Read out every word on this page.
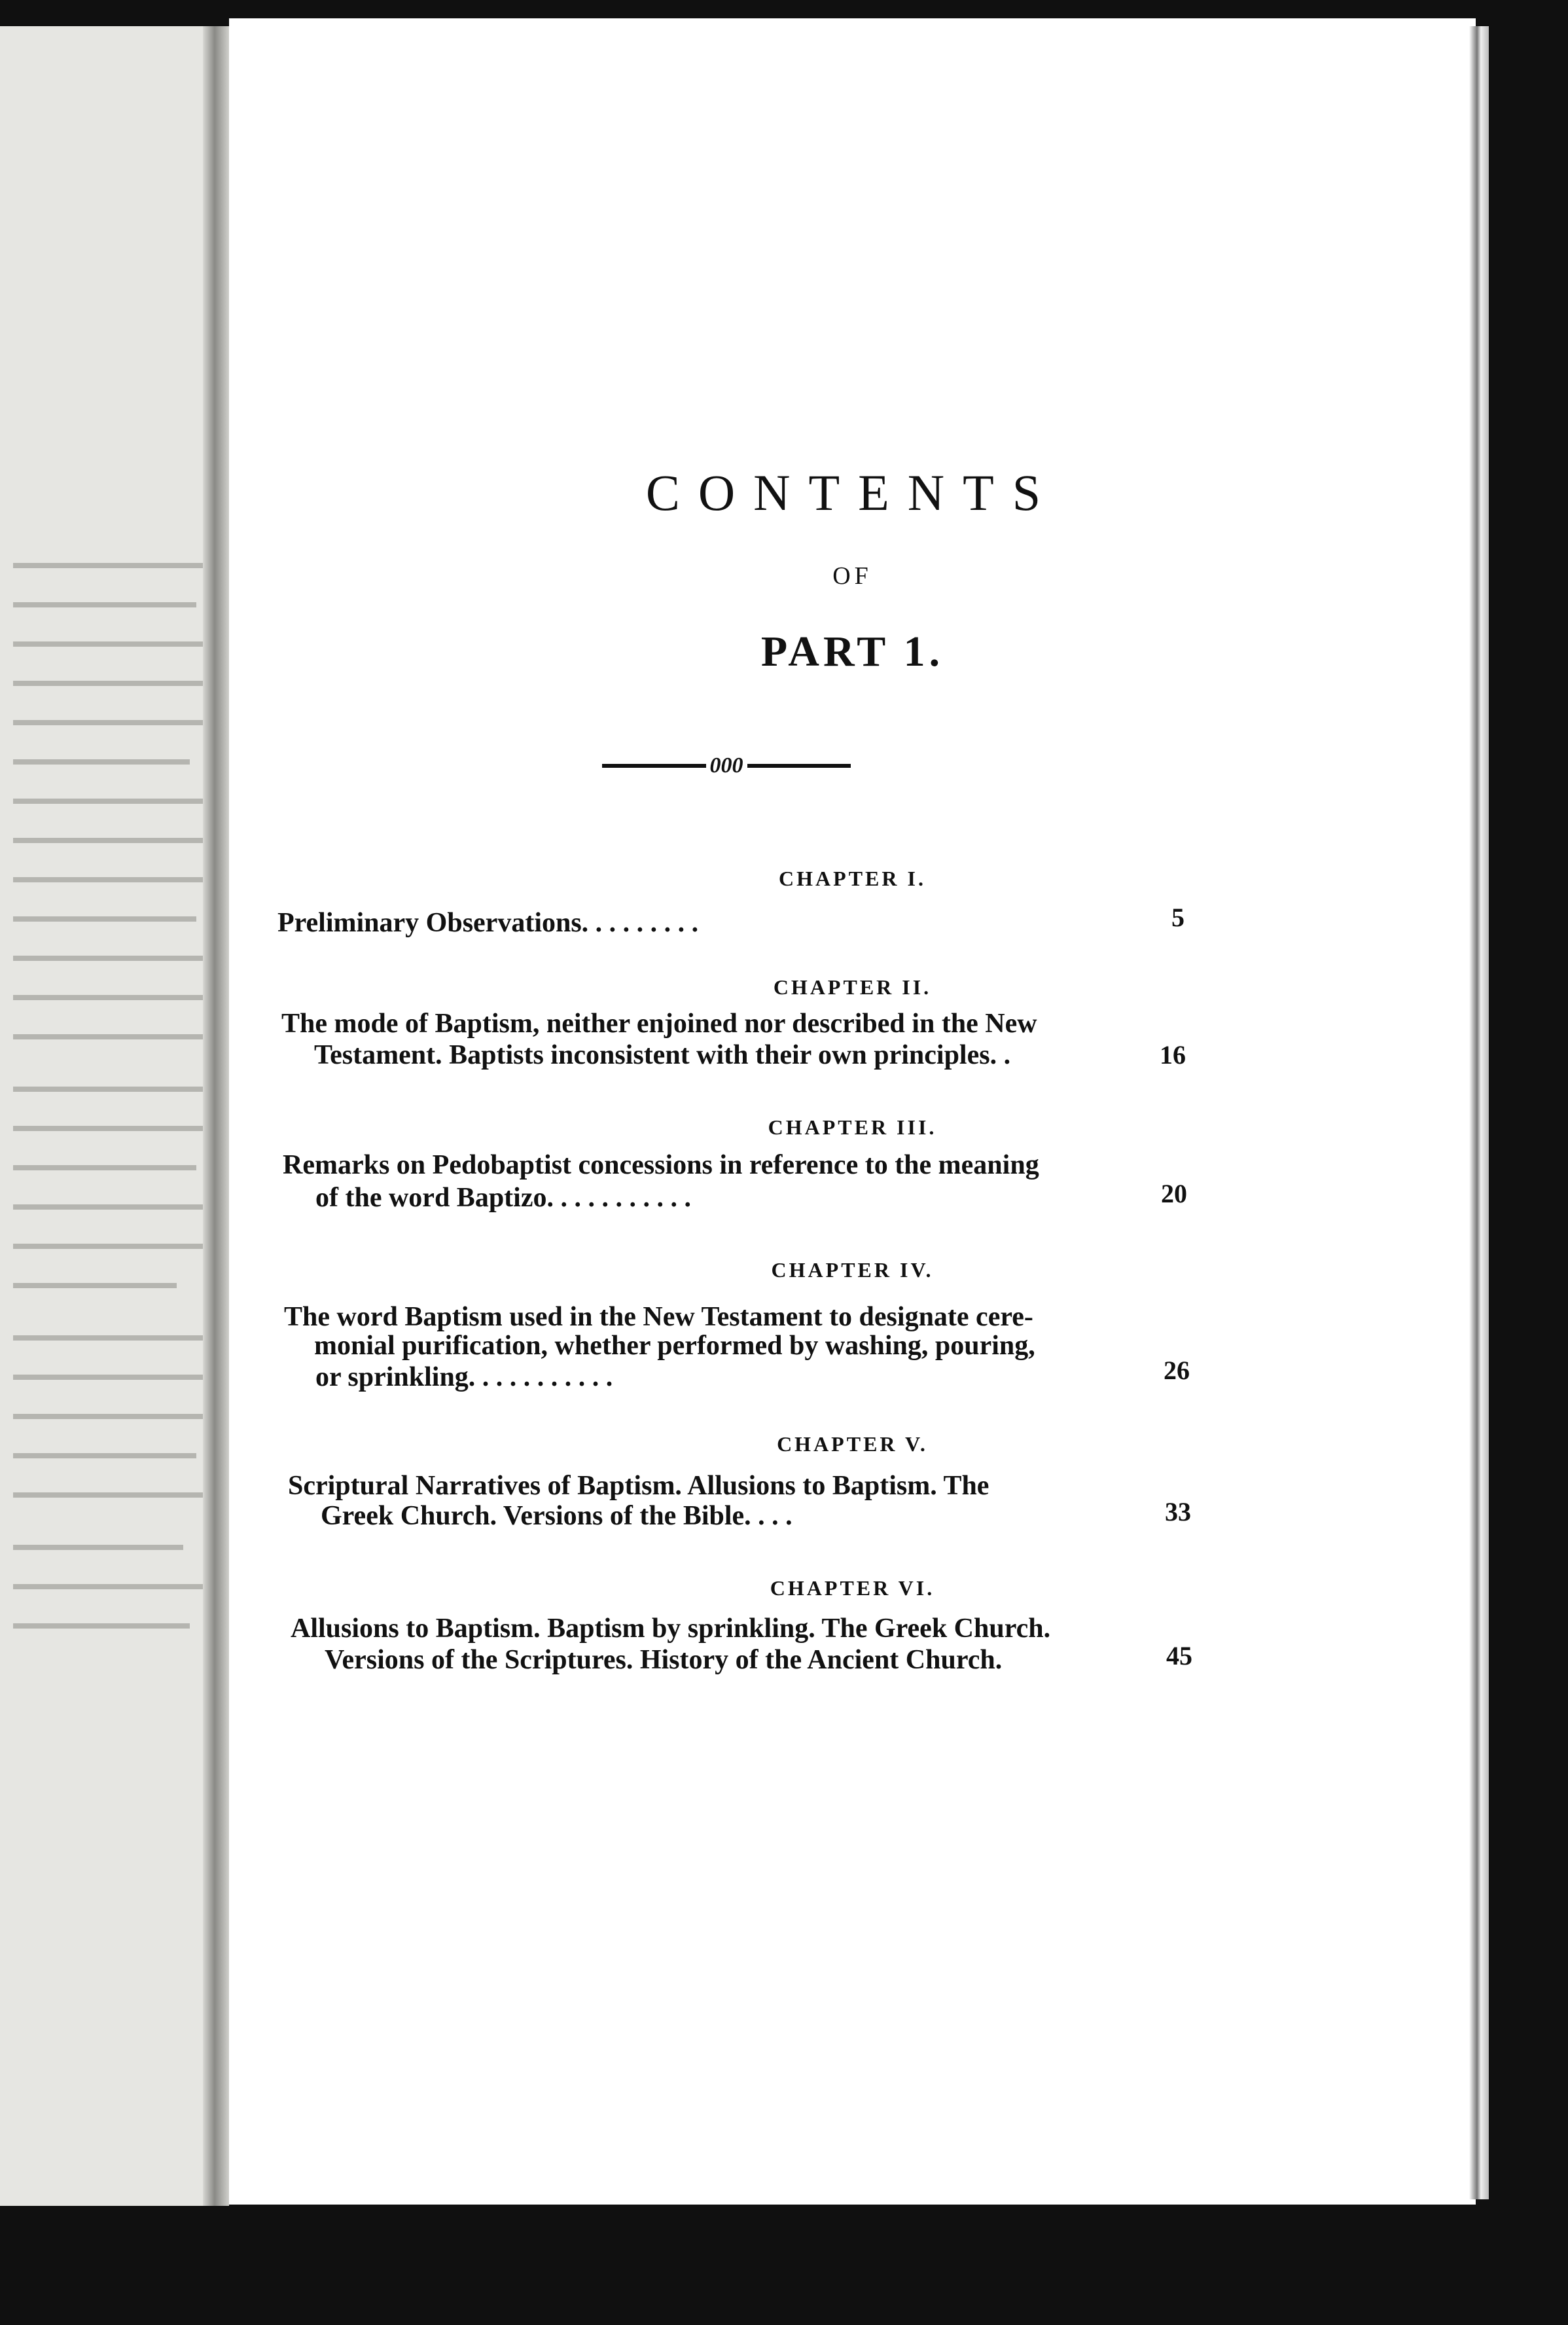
CONTENTS
OF
PART 1.
000
CHAPTER I.
Preliminary Observations. . . . . . . . .	5
CHAPTER II.
The mode of Baptism, neither enjoined nor described in the New
Testament. Baptists inconsistent with their own principles. .	16
CHAPTER III.
Remarks on Pedobaptist concessions in reference to the meaning
of the word Baptizo. . . . . . . . . . .	20
CHAPTER IV.
The word Baptism used in the New Testament to designate cere-
monial purification, whether performed by washing, pouring,
or sprinkling. . . . . . . . . . .	26
CHAPTER V.
Scriptural Narratives of Baptism. Allusions to Baptism. The
Greek Church. Versions of the Bible. . . .	33
CHAPTER VI.
Allusions to Baptism. Baptism by sprinkling. The Greek Church.
Versions of the Scriptures. History of the Ancient Church.	45
